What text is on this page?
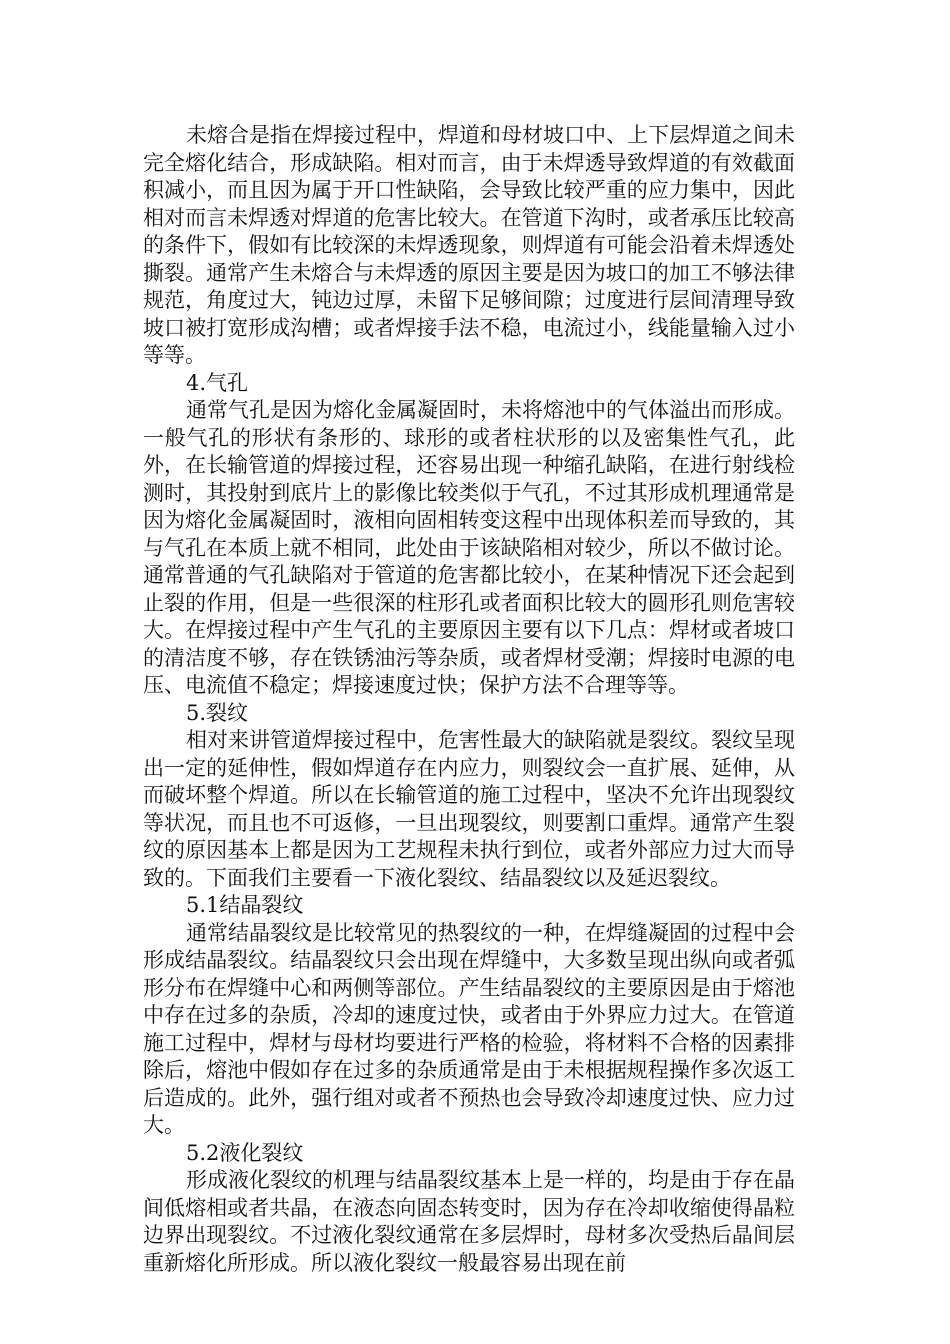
未熔合是指在焊接过程中，焊道和母材坡口中、上下层焊道之间未完全熔化结合，形成缺陷。相对而言，由于未焊透导致焊道的有效截面积减小，而且因为属于开口性缺陷，会导致比较严重的应力集中，因此相对而言未焊透对焊道的危害比较大。在管道下沟时，或者承压比较高的条件下，假如有比较深的未焊透现象，则焊道有可能会沿着未焊透处撕裂。通常产生未熔合与未焊透的原因主要是因为坡口的加工不够法律规范，角度过大，钝边过厚，未留下足够间隙；过度进行层间清理导致坡口被打宽形成沟槽；或者焊接手法不稳，电流过小，线能量输入过小等等。

4.气孔

通常气孔是因为熔化金属凝固时，未将熔池中的气体溢出而形成。一般气孔的形状有条形的、球形的或者柱状形的以及密集性气孔，此外，在长输管道的焊接过程，还容易出现一种缩孔缺陷，在进行射线检测时，其投射到底片上的影像比较类似于气孔，不过其形成机理通常是因为熔化金属凝固时，液相向固相转变这程中出现体积差而导致的，其与气孔在本质上就不相同，此处由于该缺陷相对较少，所以不做讨论。通常普通的气孔缺陷对于管道的危害都比较小，在某种情况下还会起到止裂的作用，但是一些很深的柱形孔或者面积比较大的圆形孔则危害较大。在焊接过程中产生气孔的主要原因主要有以下几点：焊材或者坡口的清洁度不够，存在铁锈油污等杂质，或者焊材受潮；焊接时电源的电压、电流值不稳定；焊接速度过快；保护方法不合理等等。

5.裂纹

相对来讲管道焊接过程中，危害性最大的缺陷就是裂纹。裂纹呈现出一定的延伸性，假如焊道存在内应力，则裂纹会一直扩展、延伸，从而破坏整个焊道。所以在长输管道的施工过程中，坚决不允许出现裂纹等状况，而且也不可返修，一旦出现裂纹，则要割口重焊。通常产生裂纹的原因基本上都是因为工艺规程未执行到位，或者外部应力过大而导致的。下面我们主要看一下液化裂纹、结晶裂纹以及延迟裂纹。

5.1结晶裂纹

通常结晶裂纹是比较常见的热裂纹的一种，在焊缝凝固的过程中会形成结晶裂纹。结晶裂纹只会出现在焊缝中，大多数呈现出纵向或者弧形分布在焊缝中心和两侧等部位。产生结晶裂纹的主要原因是由于熔池中存在过多的杂质，冷却的速度过快，或者由于外界应力过大。在管道施工过程中，焊材与母材均要进行严格的检验，将材料不合格的因素排除后，熔池中假如存在过多的杂质通常是由于未根据规程操作多次返工后造成的。此外，强行组对或者不预热也会导致冷却速度过快、应力过大。

5.2液化裂纹

形成液化裂纹的机理与结晶裂纹基本上是一样的，均是由于存在晶间低熔相或者共晶，在液态向固态转变时，因为存在冷却收缩使得晶粒边界出现裂纹。不过液化裂纹通常在多层焊时，母材多次受热后晶间层重新熔化所形成。所以液化裂纹一般最容易出现在前
